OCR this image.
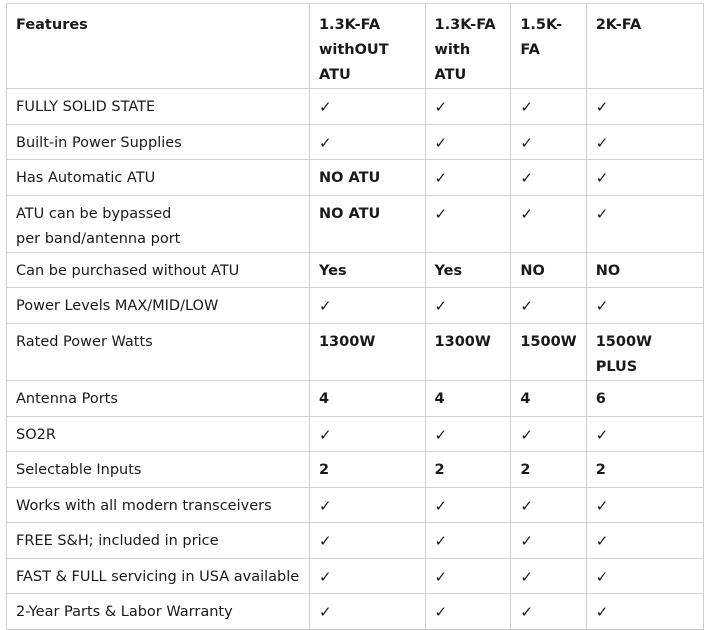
Features	1.3K-FA withOUT ATU	1.3K-FA with ATU	1.5K-FA	2K-FA
FULLY SOLID STATE	✓	✓	✓	✓
Built-in Power Supplies	✓	✓	✓	✓
Has Automatic ATU	NO ATU	✓	✓	✓
ATU can be bypassed
per band/antenna port	NO ATU	✓	✓	✓
Can be purchased without ATU	Yes	Yes	NO	NO
Power Levels MAX/MID/LOW	✓	✓	✓	✓
Rated Power Watts	1300W	1300W	1500W	1500W PLUS
Antenna Ports	4	4	4	6
SO2R	✓	✓	✓	✓
Selectable Inputs	2	2	2	2
Works with all modern transceivers	✓	✓	✓	✓
FREE S&H; included in price	✓	✓	✓	✓
FAST & FULL servicing in USA available	✓	✓	✓	✓
2-Year Parts & Labor Warranty	✓	✓	✓	✓
